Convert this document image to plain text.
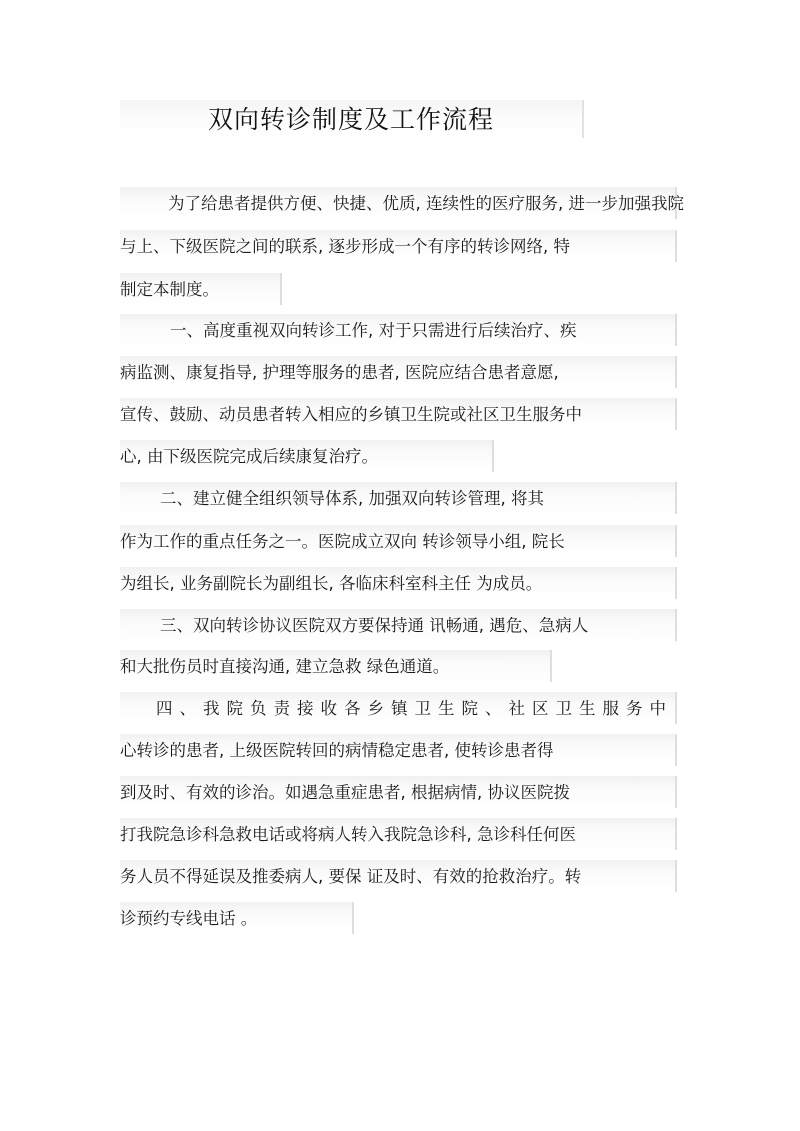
双向转诊制度及工作流程
为了给患者提供方便、快捷、优质, 连续性的医疗服务, 进一步加强我院
与上、下级医院之间的联系, 逐步形成一个有序的转诊网络, 特
制定本制度。
一、高度重视双向转诊工作, 对于只需进行后续治疗、疾
病监测、康复指导, 护理等服务的患者, 医院应结合患者意愿,
宣传、鼓励、动员患者转入相应的乡镇卫生院或社区卫生服务中
心, 由下级医院完成后续康复治疗。
二、建立健全组织领导体系, 加强双向转诊管理, 将其
作为工作的重点任务之一。医院成立双向 转诊领导小组, 院长
为组长, 业务副院长为副组长, 各临床科室科主任 为成员。
三、双向转诊协议医院双方要保持通 讯畅通, 遇危、急病人
和大批伤员时直接沟通, 建立急救 绿色通道。
四、我院负责接收各乡镇卫生院、社区卫生服务中
心转诊的患者, 上级医院转回的病情稳定患者, 使转诊患者得
到及时、有效的诊治。如遇急重症患者, 根据病情, 协议医院拨
打我院急诊科急救电话或将病人转入我院急诊科, 急诊科任何医
务人员不得延误及推委病人, 要保 证及时、有效的抢救治疗。转
诊预约专线电话 。
